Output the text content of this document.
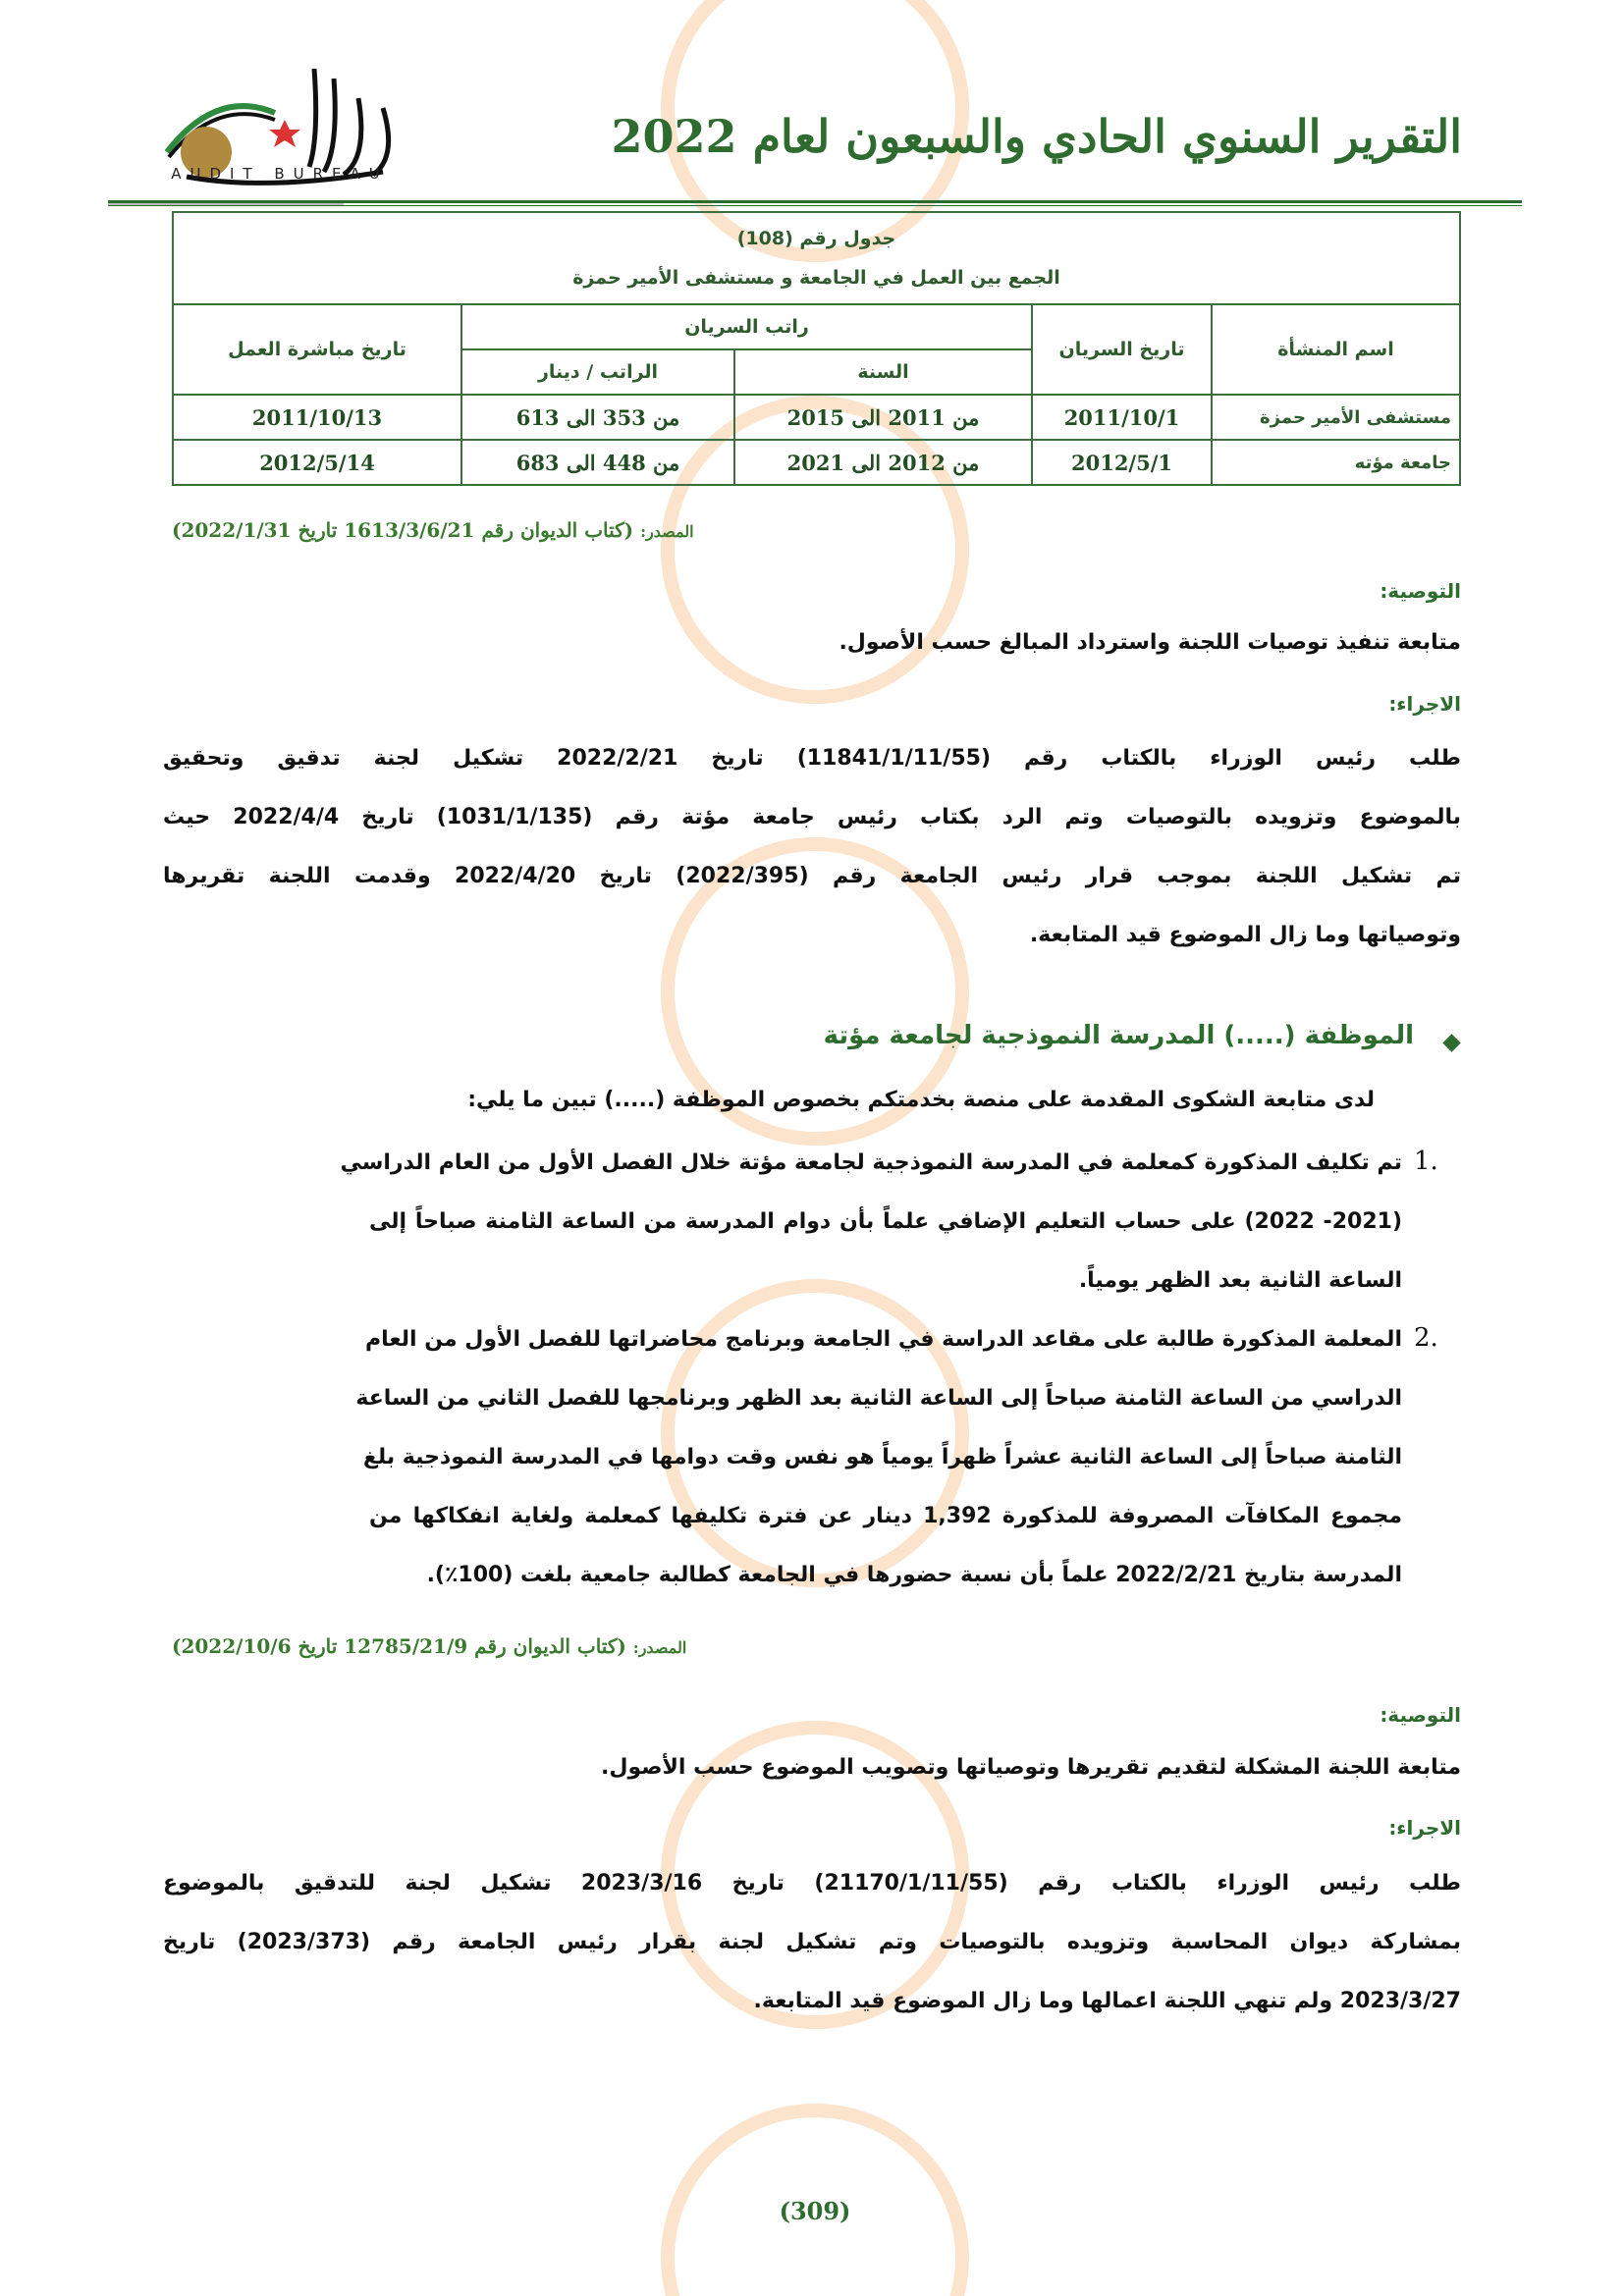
التقرير السنوي الحادي والسبعون لعام 2022
AUDIT BUREAU
جدول رقم (108)
الجمع بين العمل في الجامعة و مستشفى الأمير حمزة				

اسم المنشأة	تاريخ السريان	راتب السريان		تاريخ مباشرة العمل
		السنة	الراتب / دينار	
مستشفى الأمير حمزة	2011/10/1	من 2011 الى 2015	من 353 الى 613	2011/10/13
جامعة مؤته	2012/5/1	من 2012 الى 2021	من 448 الى 683	2012/5/14
المصدر: (كتاب الديوان رقم 1613/3/6/21 تاريخ 2022/1/31)
التوصية:
متابعة تنفيذ توصيات اللجنة واسترداد المبالغ حسب الأصول.
الاجراء:
طلب رئيس الوزراء بالكتاب رقم (11841/1/11/55) تاريخ 2022/2/21 تشكيل لجنة تدقيق وتحقيق
بالموضوع وتزويده بالتوصيات وتم الرد بكتاب رئيس جامعة مؤتة رقم (1031/1/135) تاريخ 2022/4/4 حيث
تم تشكيل اللجنة بموجب قرار رئيس الجامعة رقم (2022/395) تاريخ 2022/4/20 وقدمت اللجنة تقريرها
وتوصياتها وما زال الموضوع قيد المتابعة.
الموظفة (.....) المدرسة النموذجية لجامعة مؤتة
لدى متابعة الشكوى المقدمة على منصة بخدمتكم بخصوص الموظفة (.....) تبين ما يلي:
1.
تم تكليف المذكورة كمعلمة في المدرسة النموذجية لجامعة مؤتة خلال الفصل الأول من العام الدراسي
(2021- 2022) على حساب التعليم الإضافي علماً بأن دوام المدرسة من الساعة الثامنة صباحاً إلى
الساعة الثانية بعد الظهر يومياً.
2.
المعلمة المذكورة طالبة على مقاعد الدراسة في الجامعة وبرنامج محاضراتها للفصل الأول من العام
الدراسي من الساعة الثامنة صباحاً إلى الساعة الثانية بعد الظهر وبرنامجها للفصل الثاني من الساعة
الثامنة صباحاً إلى الساعة الثانية عشراً ظهراً يومياً هو نفس وقت دوامها في المدرسة النموذجية بلغ
مجموع المكافآت المصروفة للمذكورة 1,392 دينار عن فترة تكليفها كمعلمة ولغاية انفكاكها من
المدرسة بتاريخ 2022/2/21 علماً بأن نسبة حضورها في الجامعة كطالبة جامعية بلغت (100٪).
المصدر: (كتاب الديوان رقم 12785/21/9 تاريخ 2022/10/6)
التوصية:
متابعة اللجنة المشكلة لتقديم تقريرها وتوصياتها وتصويب الموضوع حسب الأصول.
الاجراء:
طلب رئيس الوزراء بالكتاب رقم (21170/1/11/55) تاريخ 2023/3/16 تشكيل لجنة للتدقيق بالموضوع
بمشاركة ديوان المحاسبة وتزويده بالتوصيات وتم تشكيل لجنة بقرار رئيس الجامعة رقم (2023/373) تاريخ
2023/3/27 ولم تنهي اللجنة اعمالها وما زال الموضوع قيد المتابعة.
(309)
